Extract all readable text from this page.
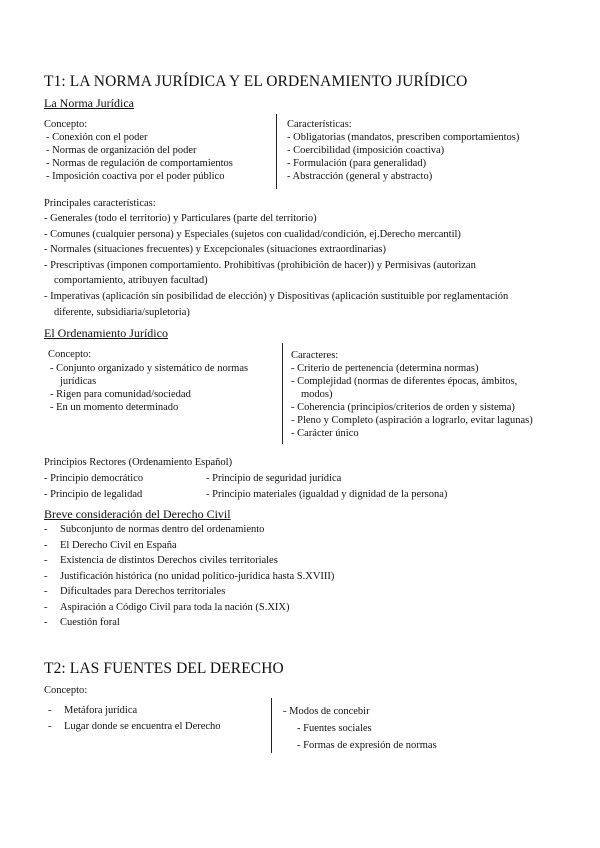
T1: LA NORMA JURÍDICA Y EL ORDENAMIENTO JURÍDICO
La Norma Jurídica
Concepto:
- Conexión con el poder
- Normas de organización del poder
- Normas de regulación de comportamientos
- Imposición coactiva por el poder público
Características:
- Obligatorias (mandatos, prescriben comportamientos)
- Coercibilidad (imposición coactiva)
- Formulación (para generalidad)
- Abstracción (general y abstracto)
Principales características:
- Generales (todo el territorio) y Particulares (parte del territorio)
- Comunes (cualquier persona) y Especiales (sujetos con cualidad/condición, ej.Derecho mercantil)
- Normales (situaciones frecuentes) y Excepcionales (situaciones extraordinarias)
- Prescriptivas (imponen comportamiento. Prohibitivas (prohibición de hacer)) y Permisivas (autorizan
comportamiento, atribuyen facultad)
- Imperativas (aplicación sin posibilidad de elección) y Dispositivas (aplicación sustituible por reglamentación
diferente, subsidiaria/supletoria)
El Ordenamiento Jurídico
Concepto:
- Conjunto organizado y sistemático de normas
jurídicas
- Rigen para comunidad/sociedad
- En un momento determinado
Caracteres:
- Criterio de pertenencia (determina normas)
- Complejidad (normas de diferentes épocas, ámbitos,
modos)
- Coherencia (principios/criterios de orden y sistema)
- Pleno y Completo (aspiración a lograrlo, evitar lagunas)
- Carácter único
Principios Rectores (Ordenamiento Español)
- Principio democrático
- Principio de legalidad
- Principio de seguridad jurídica
- Principio materiales (igualdad y dignidad de la persona)
Breve consideración del Derecho Civil
- Subconjunto de normas dentro del ordenamiento
- El Derecho Civil en España
- Existencia de distintos Derechos civiles territoriales
- Justificación histórica (no unidad político-jurídica hasta S.XVIII)
- Dificultades para Derechos territoriales
- Aspiración a Código Civil para toda la nación (S.XIX)
- Cuestión foral
T2: LAS FUENTES DEL DERECHO
Concepto:
- Metáfora jurídica
- Lugar donde se encuentra el Derecho
- Modos de concebir
- Fuentes sociales
- Formas de expresión de normas
